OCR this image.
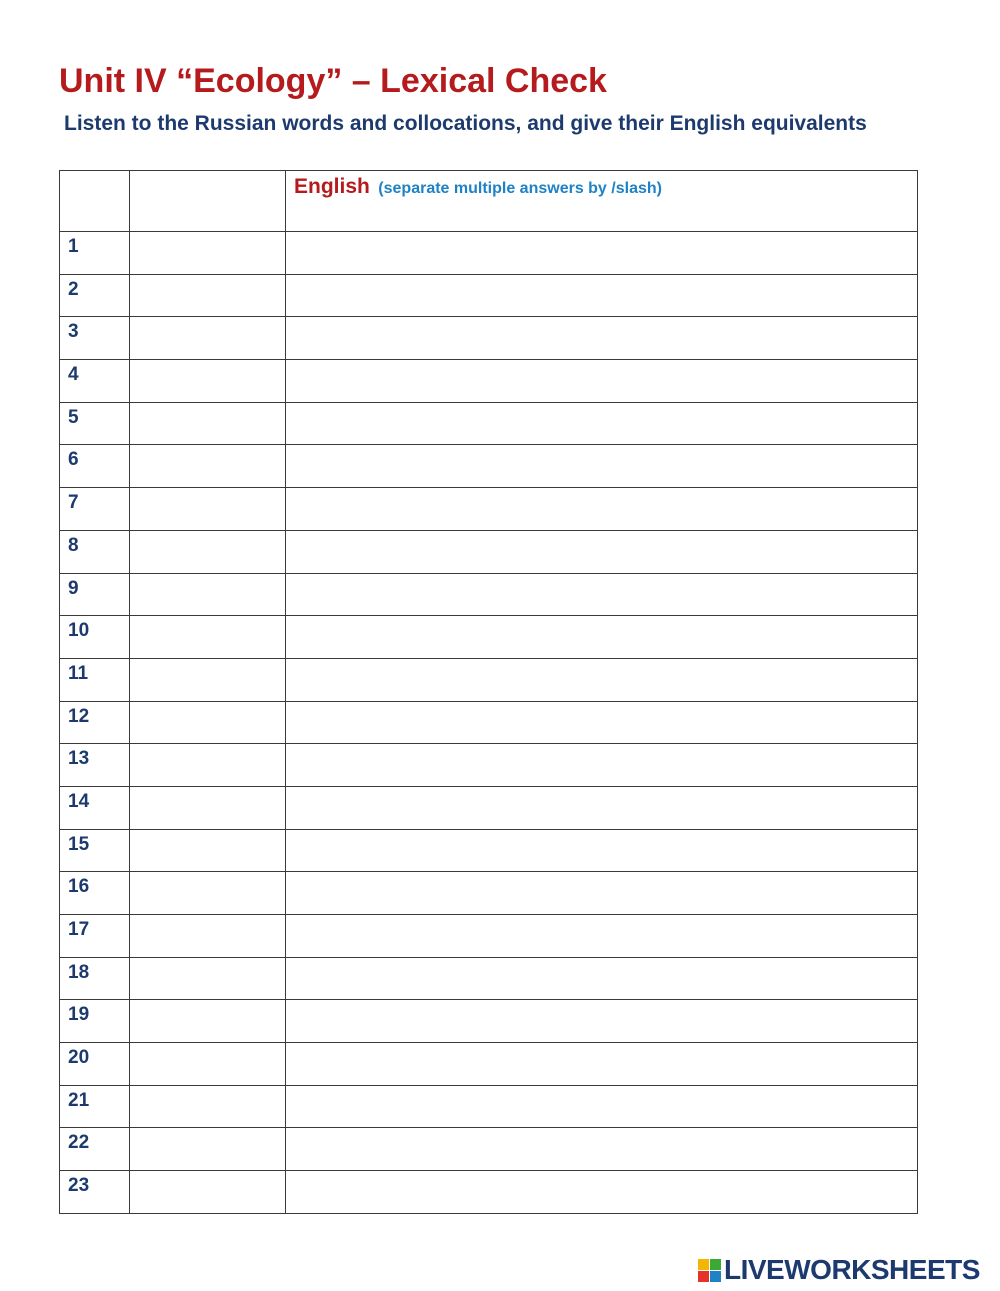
Unit IV “Ecology” – Lexical Check

Listen to the Russian words and collocations, and give their English equivalents

		English (separate multiple answers by /slash)

1		

2		

3		

4		

5		

6		

7		

8		

9		

10		

11		

12		

13		

14		

15		

16		

17		

18		

19		

20		

21		

22		

23		

LIVEWORKSHEETS
